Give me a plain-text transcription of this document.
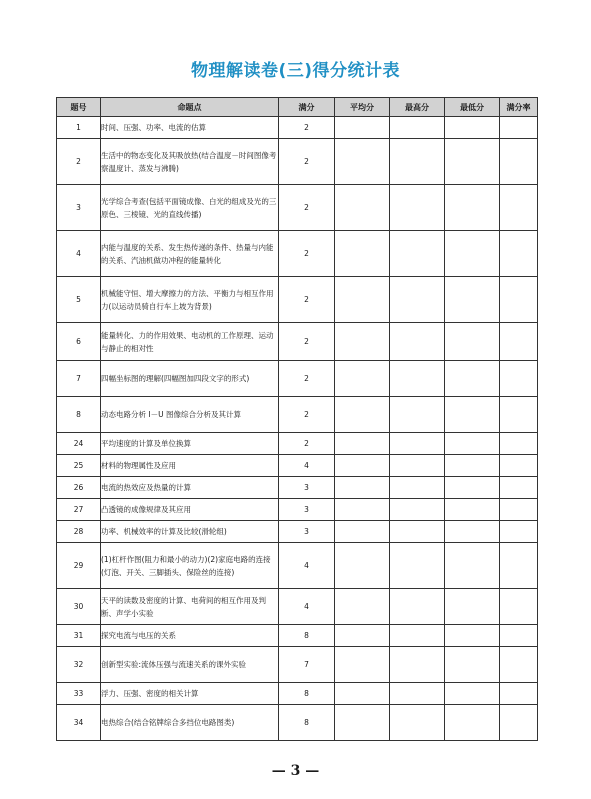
物理解读卷(三)得分统计表
题号	命题点	满分	平均分	最高分	最低分	满分率
1	时间、压强、功率、电流的估算	2				
2	生活中的物态变化及其吸放热(结合温度－时间图像考察温度计、蒸发与沸腾)	2				
3	光学综合考查(包括平面镜成像、白光的组成及光的三原色、三棱镜、光的直线传播)	2				
4	内能与温度的关系、发生热传递的条件、热量与内能的关系、汽油机做功冲程的能量转化	2				
5	机械能守恒、增大摩擦力的方法、平衡力与相互作用力(以运动员骑自行车上坡为背景)	2				
6	能量转化、力的作用效果、电动机的工作原理、运动与静止的相对性	2				
7	四幅坐标图的理解(四幅图加四段文字的形式)	2				
8	动态电路分析 I－U 图像综合分析及其计算	2				
24	平均速度的计算及单位换算	2				
25	材料的物理属性及应用	4				
26	电流的热效应及热量的计算	3				
27	凸透镜的成像规律及其应用	3				
28	功率、机械效率的计算及比较(滑轮组)	3				
29	(1)杠杆作图(阻力和最小的动力)(2)家庭电路的连接(灯泡、开关、三脚插头、保险丝的连接)	4				
30	天平的读数及密度的计算、电荷间的相互作用及判断、声学小实验	4				
31	探究电流与电压的关系	8				
32	创新型实验:流体压强与流速关系的课外实验	7				
33	浮力、压强、密度的相关计算	8				
34	电热综合(结合铭牌综合多挡位电路图类)	8				
— 3 —
